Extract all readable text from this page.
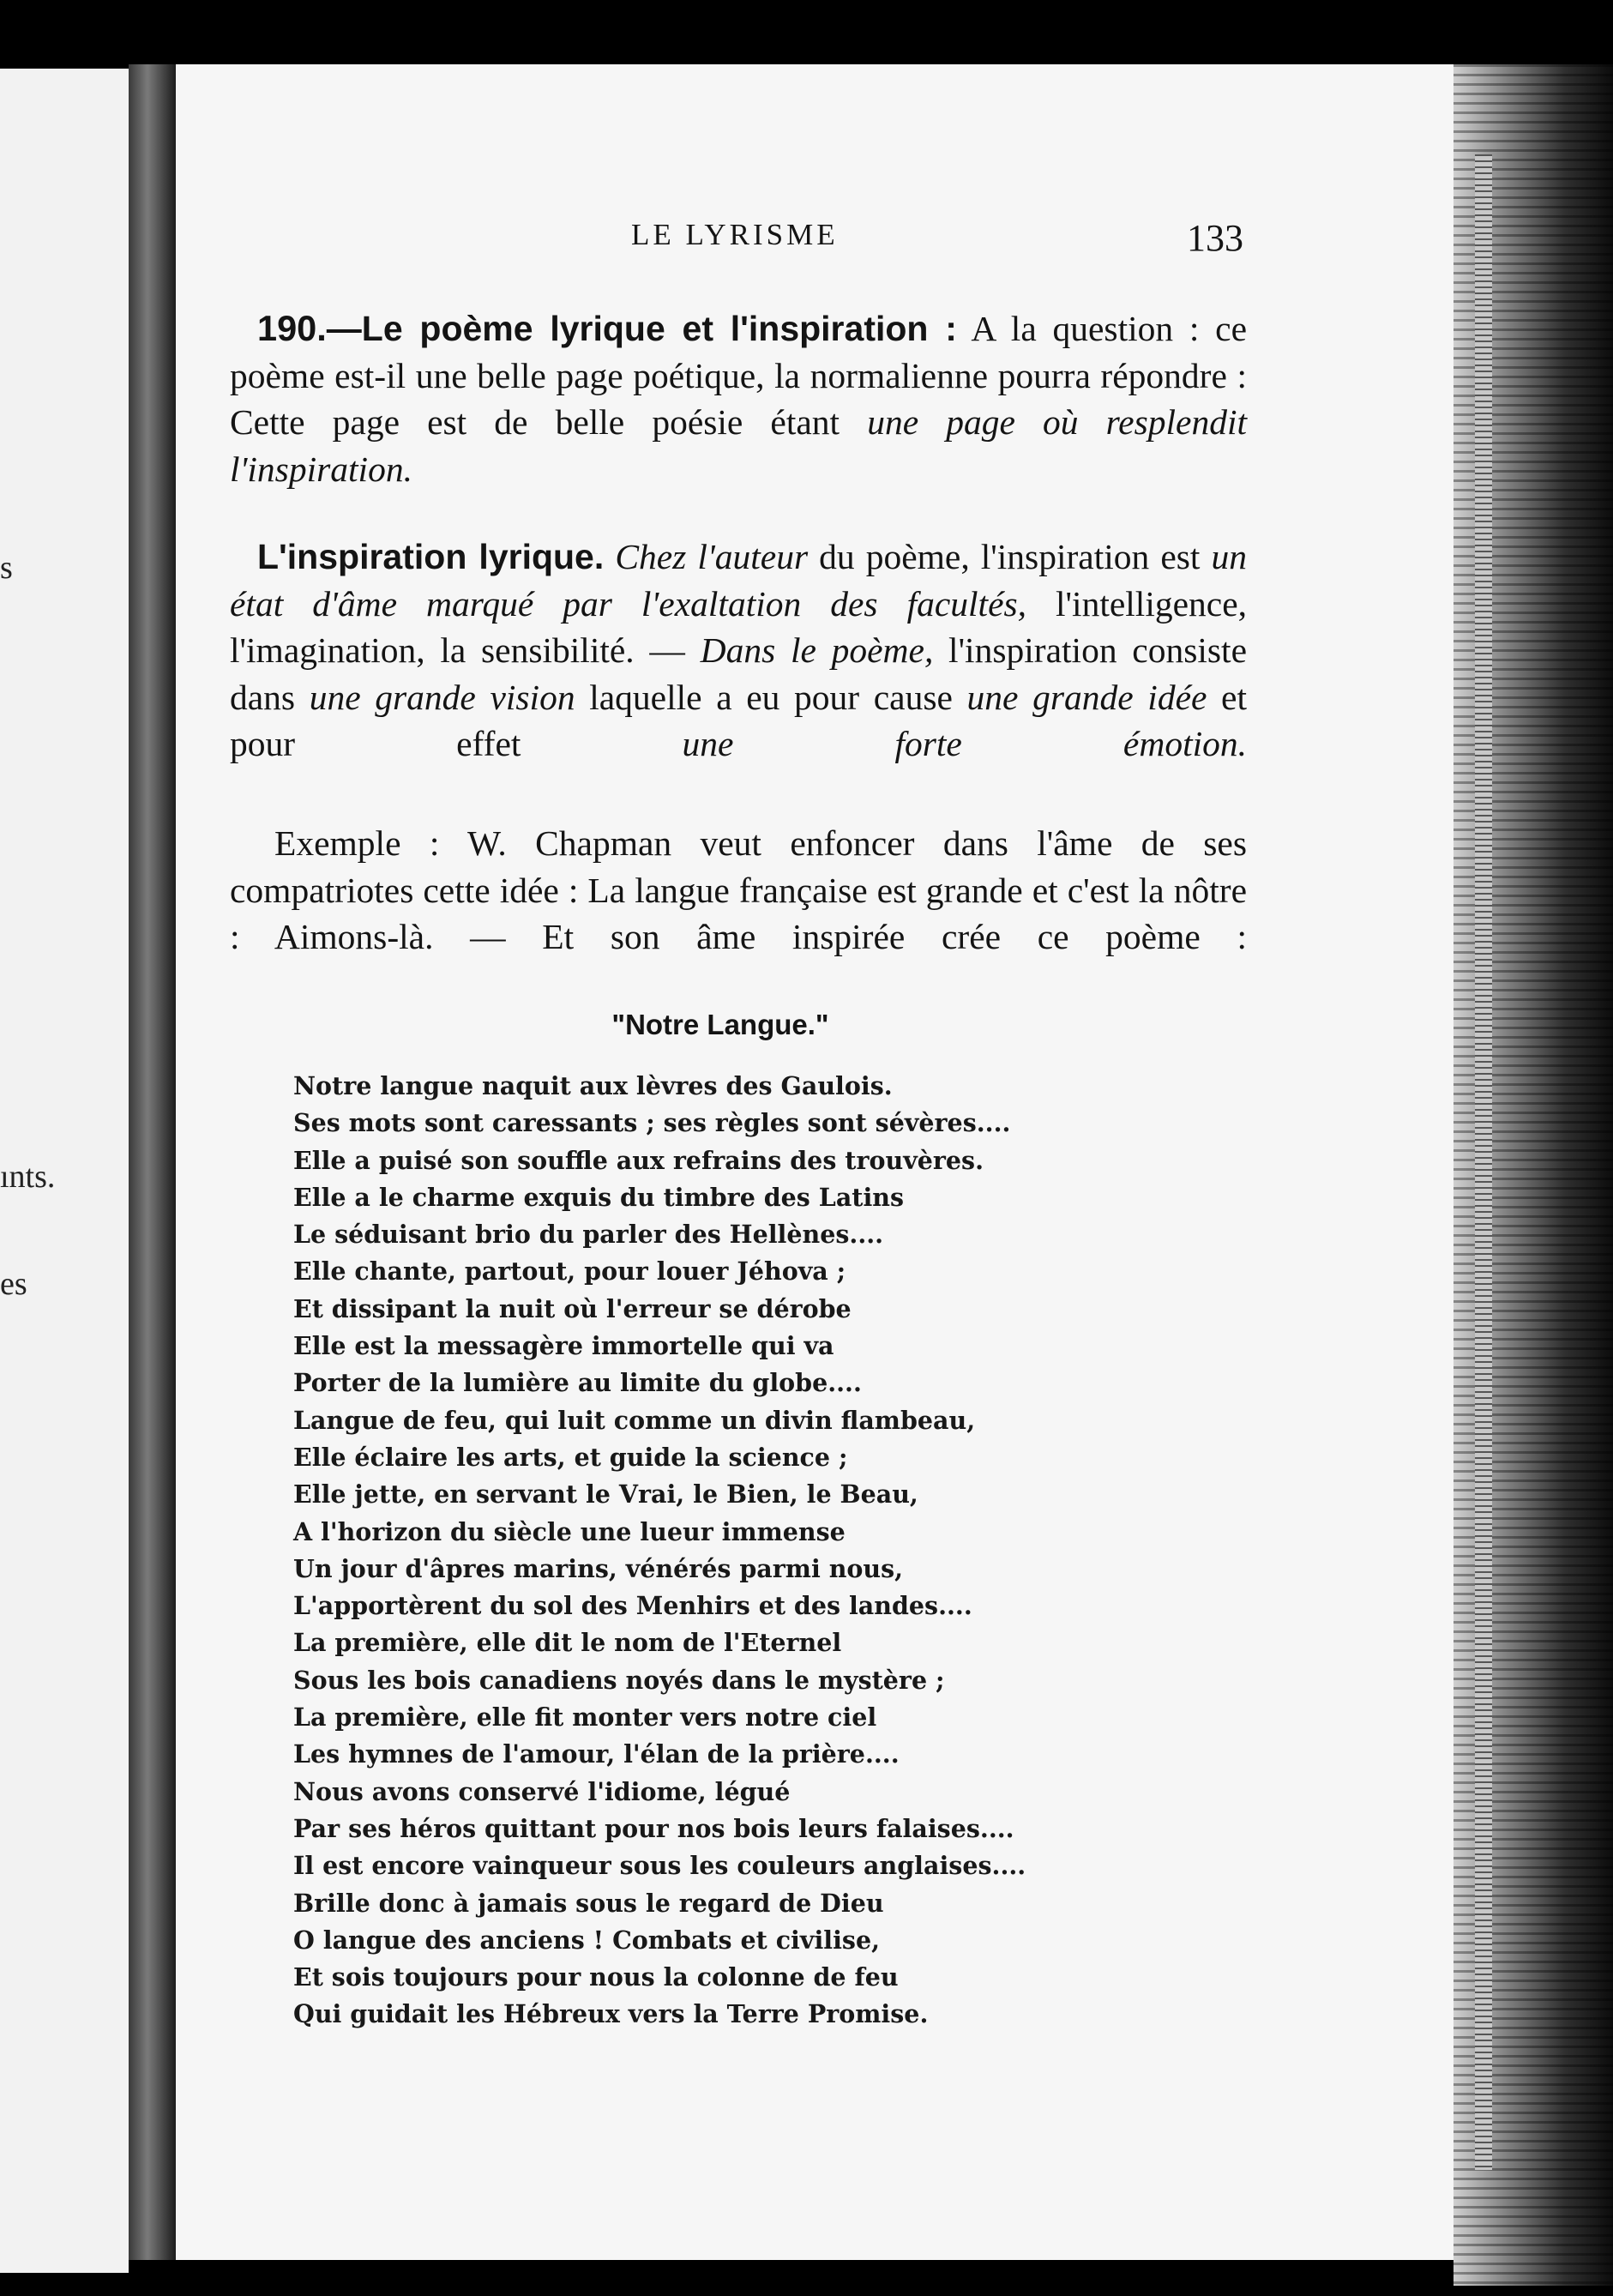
s
ınts.
es
LE LYRISME	133

190.—Le poème lyrique et l'inspiration : A la question : ce poème est-il une belle page poétique, la normalienne pourra répondre : Cette page est de belle poésie étant une page où resplendit l'inspiration.

L'inspiration lyrique. Chez l'auteur du poème, l'inspiration est un état d'âme marqué par l'exaltation des facultés, l'intelligence, l'imagination, la sensibilité. — Dans le poème, l'inspiration consiste dans une grande vision laquelle a eu pour cause une grande idée et pour effet une forte émotion.

Exemple : W. Chapman veut enfoncer dans l'âme de ses compatriotes cette idée : La langue française est grande et c'est la nôtre : Aimons-là. — Et son âme inspirée crée ce poème :

"Notre Langue."
Notre langue naquit aux lèvres des Gaulois.
Ses mots sont caressants ; ses règles sont sévères....
Elle a puisé son souffle aux refrains des trouvères.
Elle a le charme exquis du timbre des Latins
Le séduisant brio du parler des Hellènes....
Elle chante, partout, pour louer Jéhova ;
Et dissipant la nuit où l'erreur se dérobe
Elle est la messagère immortelle qui va
Porter de la lumière au limite du globe....
Langue de feu, qui luit comme un divin flambeau,
Elle éclaire les arts, et guide la science ;
Elle jette, en servant le Vrai, le Bien, le Beau,
A l'horizon du siècle une lueur immense
Un jour d'âpres marins, vénérés parmi nous,
L'apportèrent du sol des Menhirs et des landes....
La première, elle dit le nom de l'Eternel
Sous les bois canadiens noyés dans le mystère ;
La première, elle fit monter vers notre ciel
Les hymnes de l'amour, l'élan de la prière....
Nous avons conservé l'idiome, légué
Par ses héros quittant pour nos bois leurs falaises....
Il est encore vainqueur sous les couleurs anglaises....
Brille donc à jamais sous le regard de Dieu
O langue des anciens ! Combats et civilise,
Et sois toujours pour nous la colonne de feu
Qui guidait les Hébreux vers la Terre Promise.
